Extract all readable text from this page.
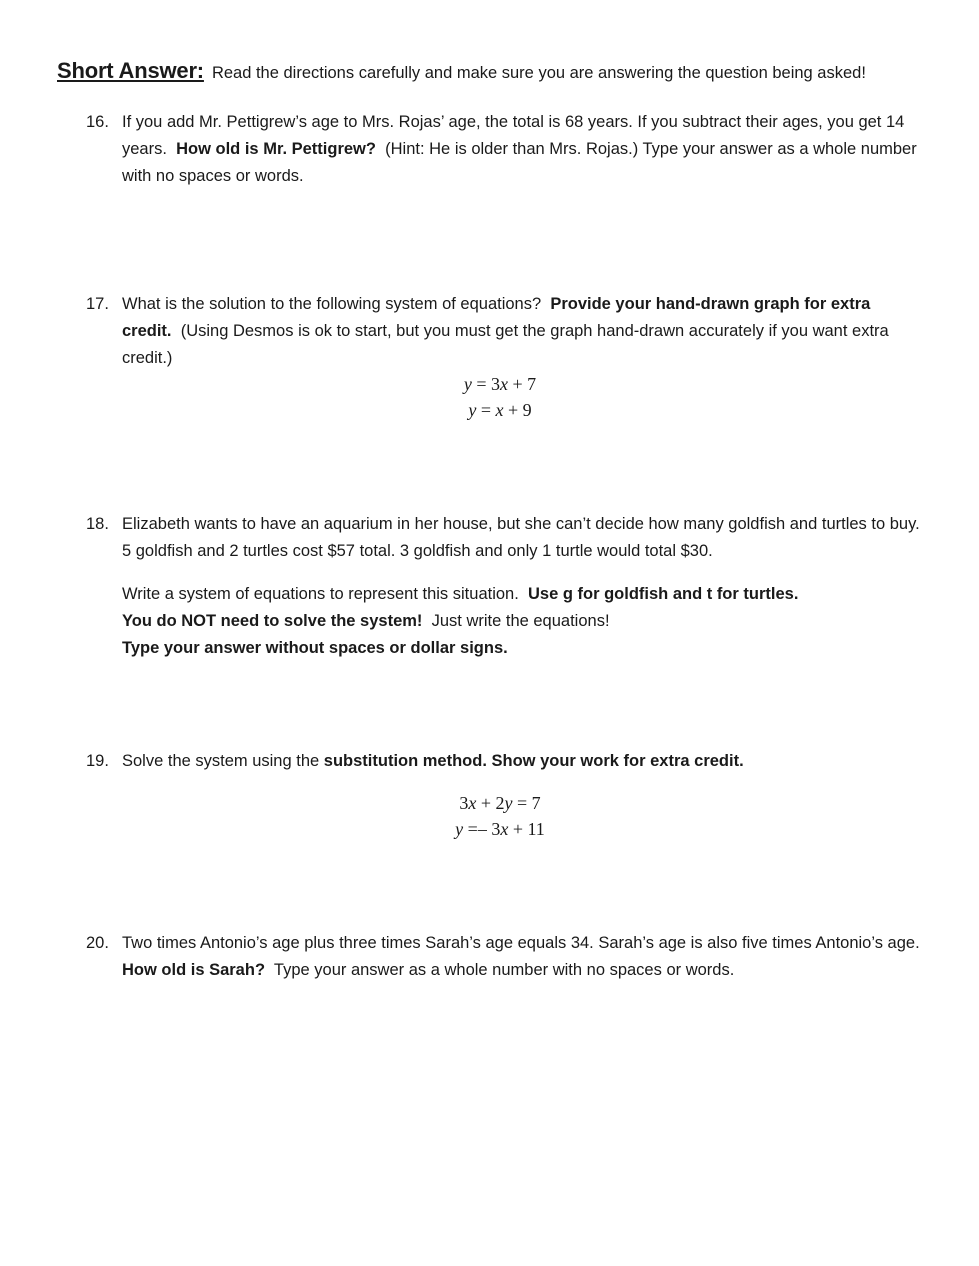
Short Answer: Read the directions carefully and make sure you are answering the question being asked!

16. If you add Mr. Pettigrew’s age to Mrs. Rojas’ age, the total is 68 years. If you subtract their ages, you get 14 years. How old is Mr. Pettigrew? (Hint: He is older than Mrs. Rojas.) Type your answer as a whole number with no spaces or words.

17. What is the solution to the following system of equations? Provide your hand-drawn graph for extra credit. (Using Desmos is ok to start, but you must get the graph hand-drawn accurately if you want extra credit.)

y = 3x + 7
y = x + 9

18. Elizabeth wants to have an aquarium in her house, but she can’t decide how many goldfish and turtles to buy. 5 goldfish and 2 turtles cost $57 total. 3 goldfish and only 1 turtle would total $30.

Write a system of equations to represent this situation. Use g for goldfish and t for turtles.
You do NOT need to solve the system! Just write the equations!
Type your answer without spaces or dollar signs.

19. Solve the system using the substitution method. Show your work for extra credit.

3x + 2y = 7
y =– 3x + 11

20. Two times Antonio’s age plus three times Sarah’s age equals 34. Sarah’s age is also five times Antonio’s age.  How old is Sarah? Type your answer as a whole number with no spaces or words.
